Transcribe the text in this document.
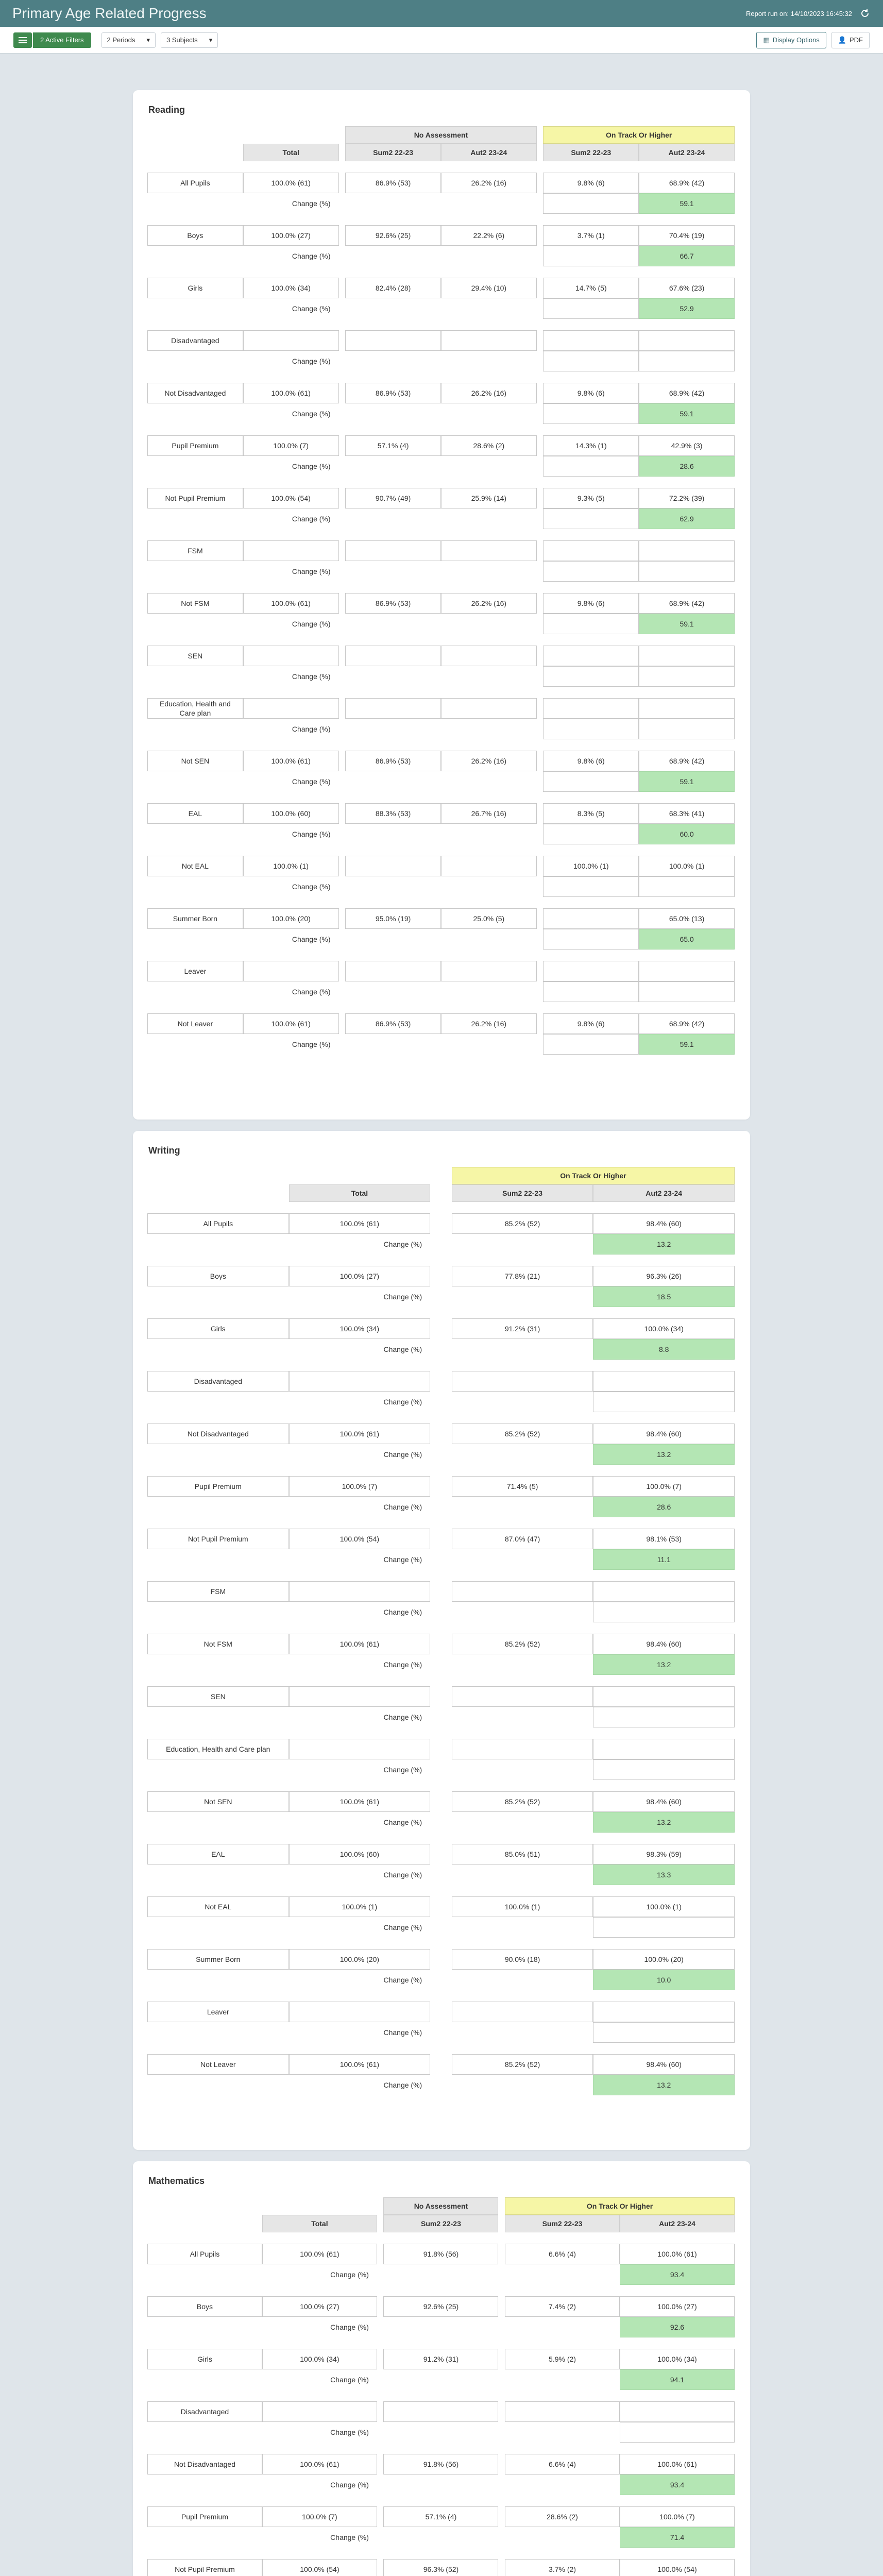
Primary Age Related Progress	Report run on: 14/10/2023 16:45:32
2 Active Filters	2 Periods ▾ 3 Subjects ▾	▦ Display Options	👤 PDF
Reading
			No Assessment			On Track Or Higher	
	Total		Sum2 22-23	Aut2 23-24		Sum2 22-23	Aut2 23-24

All Pupils	100.0% (61)		86.9% (53)	26.2% (16)		9.8% (6)	68.9% (42)
	Change (%)						59.1

Boys	100.0% (27)		92.6% (25)	22.2% (6)		3.7% (1)	70.4% (19)
	Change (%)						66.7

Girls	100.0% (34)		82.4% (28)	29.4% (10)		14.7% (5)	67.6% (23)
	Change (%)						52.9

Disadvantaged							
	Change (%)						

Not Disadvantaged	100.0% (61)		86.9% (53)	26.2% (16)		9.8% (6)	68.9% (42)
	Change (%)						59.1

Pupil Premium	100.0% (7)		57.1% (4)	28.6% (2)		14.3% (1)	42.9% (3)
	Change (%)						28.6

Not Pupil Premium	100.0% (54)		90.7% (49)	25.9% (14)		9.3% (5)	72.2% (39)
	Change (%)						62.9

FSM							
	Change (%)						

Not FSM	100.0% (61)		86.9% (53)	26.2% (16)		9.8% (6)	68.9% (42)
	Change (%)						59.1

SEN							
	Change (%)						

Education, Health and Care plan							
	Change (%)						

Not SEN	100.0% (61)		86.9% (53)	26.2% (16)		9.8% (6)	68.9% (42)
	Change (%)						59.1

EAL	100.0% (60)		88.3% (53)	26.7% (16)		8.3% (5)	68.3% (41)
	Change (%)						60.0

Not EAL	100.0% (1)					100.0% (1)	100.0% (1)
	Change (%)						

Summer Born	100.0% (20)		95.0% (19)	25.0% (5)			65.0% (13)
	Change (%)						65.0

Leaver							
	Change (%)						

Not Leaver	100.0% (61)		86.9% (53)	26.2% (16)		9.8% (6)	68.9% (42)
	Change (%)						59.1
Writing
			On Track Or Higher	
	Total		Sum2 22-23	Aut2 23-24

All Pupils	100.0% (61)		85.2% (52)	98.4% (60)
	Change (%)			13.2

Boys	100.0% (27)		77.8% (21)	96.3% (26)
	Change (%)			18.5

Girls	100.0% (34)		91.2% (31)	100.0% (34)
	Change (%)			8.8

Disadvantaged				
	Change (%)			

Not Disadvantaged	100.0% (61)		85.2% (52)	98.4% (60)
	Change (%)			13.2

Pupil Premium	100.0% (7)		71.4% (5)	100.0% (7)
	Change (%)			28.6

Not Pupil Premium	100.0% (54)		87.0% (47)	98.1% (53)
	Change (%)			11.1

FSM				
	Change (%)			

Not FSM	100.0% (61)		85.2% (52)	98.4% (60)
	Change (%)			13.2

SEN				
	Change (%)			

Education, Health and Care plan				
	Change (%)			

Not SEN	100.0% (61)		85.2% (52)	98.4% (60)
	Change (%)			13.2

EAL	100.0% (60)		85.0% (51)	98.3% (59)
	Change (%)			13.3

Not EAL	100.0% (1)		100.0% (1)	100.0% (1)
	Change (%)			

Summer Born	100.0% (20)		90.0% (18)	100.0% (20)
	Change (%)			10.0

Leaver				
	Change (%)			

Not Leaver	100.0% (61)		85.2% (52)	98.4% (60)
	Change (%)			13.2
Mathematics
			No Assessment		On Track Or Higher	
	Total		Sum2 22-23		Sum2 22-23	Aut2 23-24

All Pupils	100.0% (61)		91.8% (56)		6.6% (4)	100.0% (61)
	Change (%)					93.4

Boys	100.0% (27)		92.6% (25)		7.4% (2)	100.0% (27)
	Change (%)					92.6

Girls	100.0% (34)		91.2% (31)		5.9% (2)	100.0% (34)
	Change (%)					94.1

Disadvantaged						
	Change (%)					

Not Disadvantaged	100.0% (61)		91.8% (56)		6.6% (4)	100.0% (61)
	Change (%)					93.4

Pupil Premium	100.0% (7)		57.1% (4)		28.6% (2)	100.0% (7)
	Change (%)					71.4

Not Pupil Premium	100.0% (54)		96.3% (52)		3.7% (2)	100.0% (54)
